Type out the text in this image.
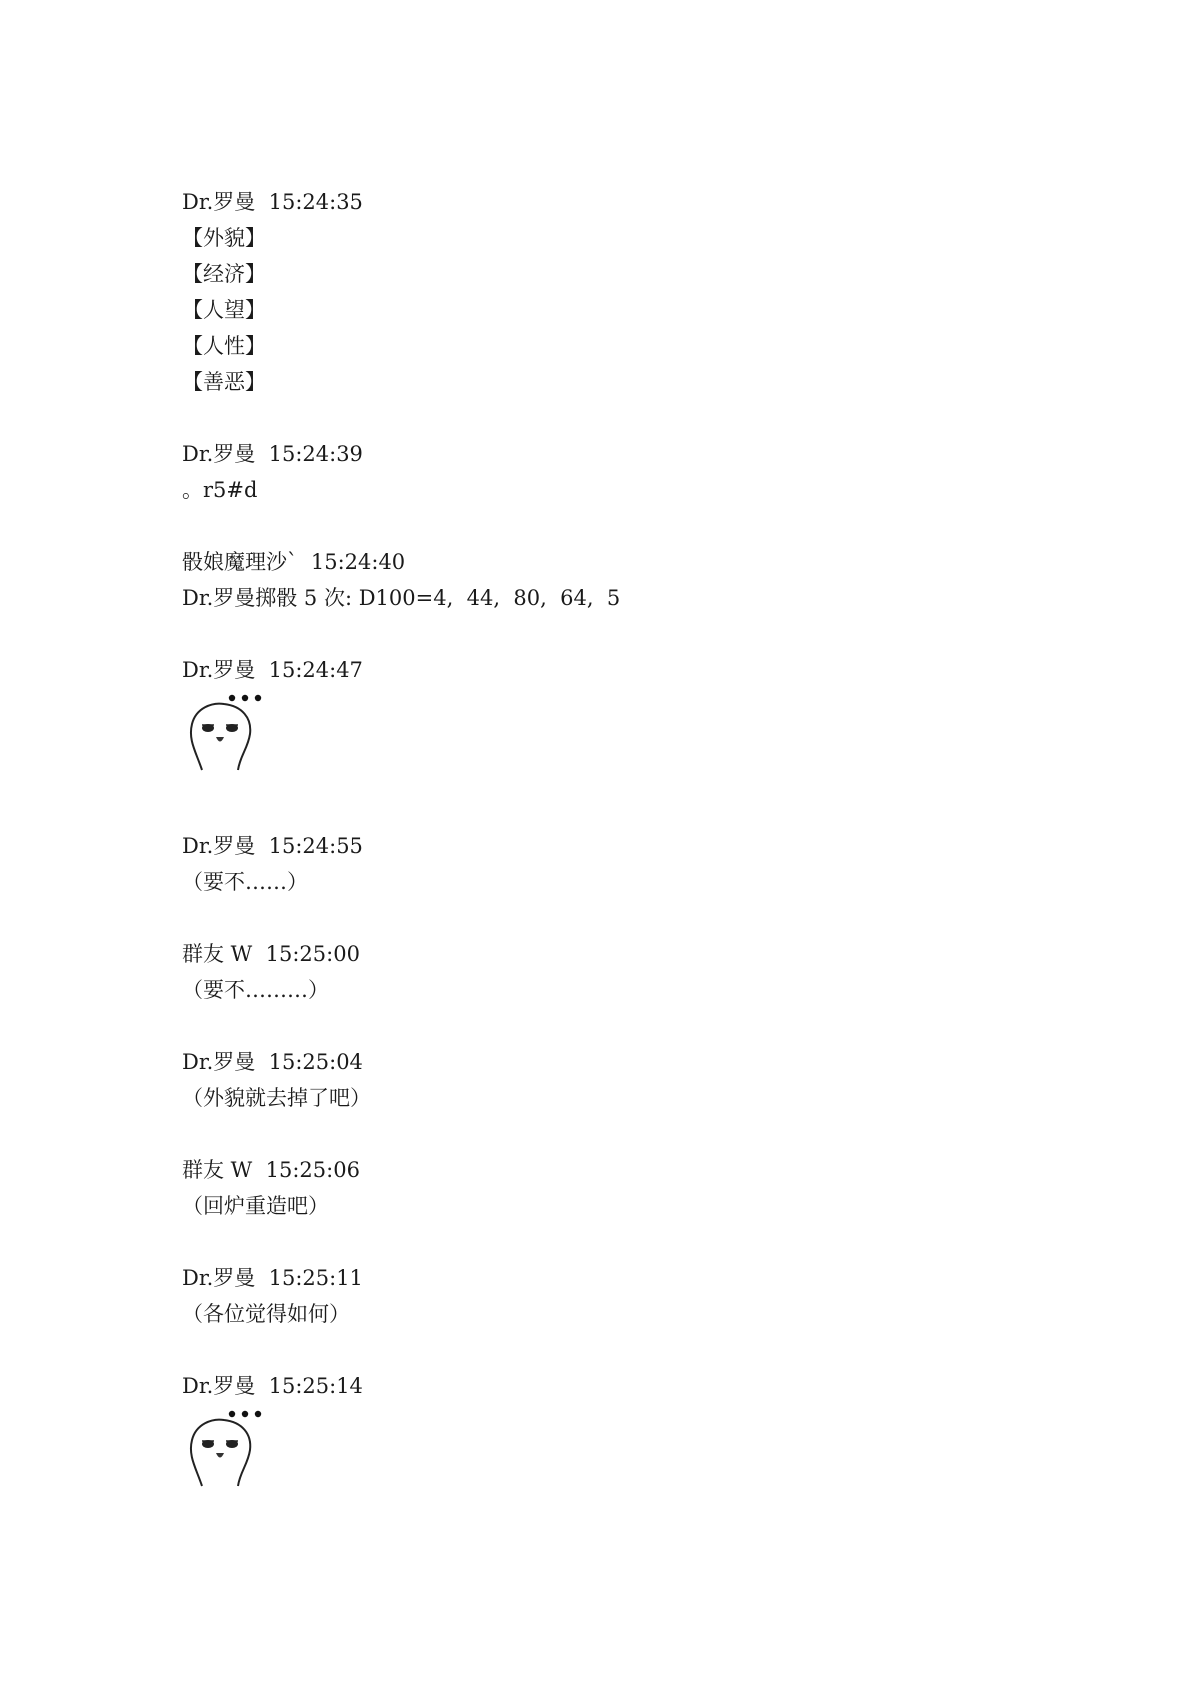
Dr.罗曼  15:24:35
【外貌】
【经济】
【人望】
【人性】
【善恶】
Dr.罗曼  15:24:39
。r5#d
骰娘魔理沙`  15:24:40
Dr.罗曼掷骰 5 次: D100=4,  44,  80,  64,  5
Dr.罗曼  15:24:47
Dr.罗曼  15:24:55
（要不……）
群友 W  15:25:00
（要不………）
Dr.罗曼  15:25:04
（外貌就去掉了吧）
群友 W  15:25:06
（回炉重造吧）
Dr.罗曼  15:25:11
（各位觉得如何）
Dr.罗曼  15:25:14
